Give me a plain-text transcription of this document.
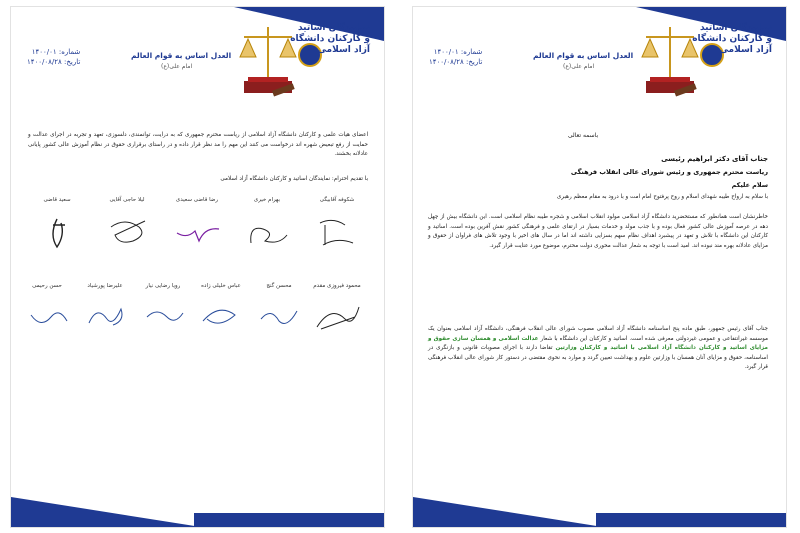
نمایندگان اساتید و کارکنان دانشگاه آزاد اسلامی
العدل اساس به قوام العالم
امام علی(ع)
شماره: ۱۴۰۰/۰۱
تاریخ: ۱۴۰۰/۰۸/۲۸
باسمه تعالی
جناب آقای دکتر ابراهیم رئیسی
ریاست محترم جمهوری و رئیس شورای عالی انقلاب فرهنگی
سلام علیکم
با سلام به ارواح طیبه شهدای اسلام و روح پرفتوح امام امت و با درود به مقام معظم رهبری
خاطرنشان است همانطور که مستحضرید دانشگاه آزاد اسلامی مولود انقلاب اسلامی و شجره طیبه نظام اسلامی است. این دانشگاه بیش از چهل دهه در عرصه آموزش عالی کشور فعال بوده و با جذب مولد و خدمات بسیار در ارتقای علمی و فرهنگی کشور نقش آفرین بوده است. اساتید و کارکنان این دانشگاه با تلاش و تعهد در پیشبرد اهداف نظام سهم بسزایی داشته اند اما در سال های اخیر با وجود تلاش های فراوان از حقوق و مزایای عادلانه بهره مند نبوده اند. امید است با توجه به شعار عدالت محوری دولت محترم، موضوع مورد عنایت قرار گیرد.
جناب آقای رئیس جمهور، طبق ماده پنج اساسنامه دانشگاه آزاد اسلامی مصوب شورای عالی انقلاب فرهنگی، دانشگاه آزاد اسلامی بعنوان یک موسسه غیرانتفاعی و عمومی غیردولتی معرفی شده است. اساتید و کارکنان این دانشگاه با شعار عدالت اسلامی و همسان سازی حقوق و مزایای اساتید و کارکنان دانشگاه آزاد اسلامی با اساتید و کارکنان وزارتین تقاضا دارند با اجرای مصوبات قانونی و بازنگری در اساسنامه، حقوق و مزایای آنان همسان با وزارتین علوم و بهداشت تعیین گردد و موارد به نحوی مقتضی در دستور کار شورای عالی انقلاب فرهنگی قرار گیرد.
نمایندگان اساتید و کارکنان دانشگاه آزاد اسلامی
العدل اساس به قوام العالم
امام علی(ع)
شماره: ۱۴۰۰/۰۱
تاریخ: ۱۴۰۰/۰۸/۲۸
اعضای هیات علمی و کارکنان دانشگاه آزاد اسلامی از ریاست محترم جمهوری که به درایت، توانمندی، دلسوزی، تعهد و تجربه در اجرای عدالت و حمایت از رفع تبعیض شهره اند درخواست می کنند این مهم را مد نظر قرار داده و در راستای برقراری حقوق در نظام آموزش عالی کشور پایانی عادلانه بخشند.
با تقدیم احترام: نمایندگان اساتید و کارکنان دانشگاه آزاد اسلامی
شکوفه آقابیگی
بهرام خیری
رضا قاضی سعیدی
لیلا حاجی آقایی
سعید قاضی
محمود فیروزی مقدم
محسن گنج
عباس خلیلی زاده
رویا رضایی نیار
علیرضا پورشیاد
حسن رحیمی
